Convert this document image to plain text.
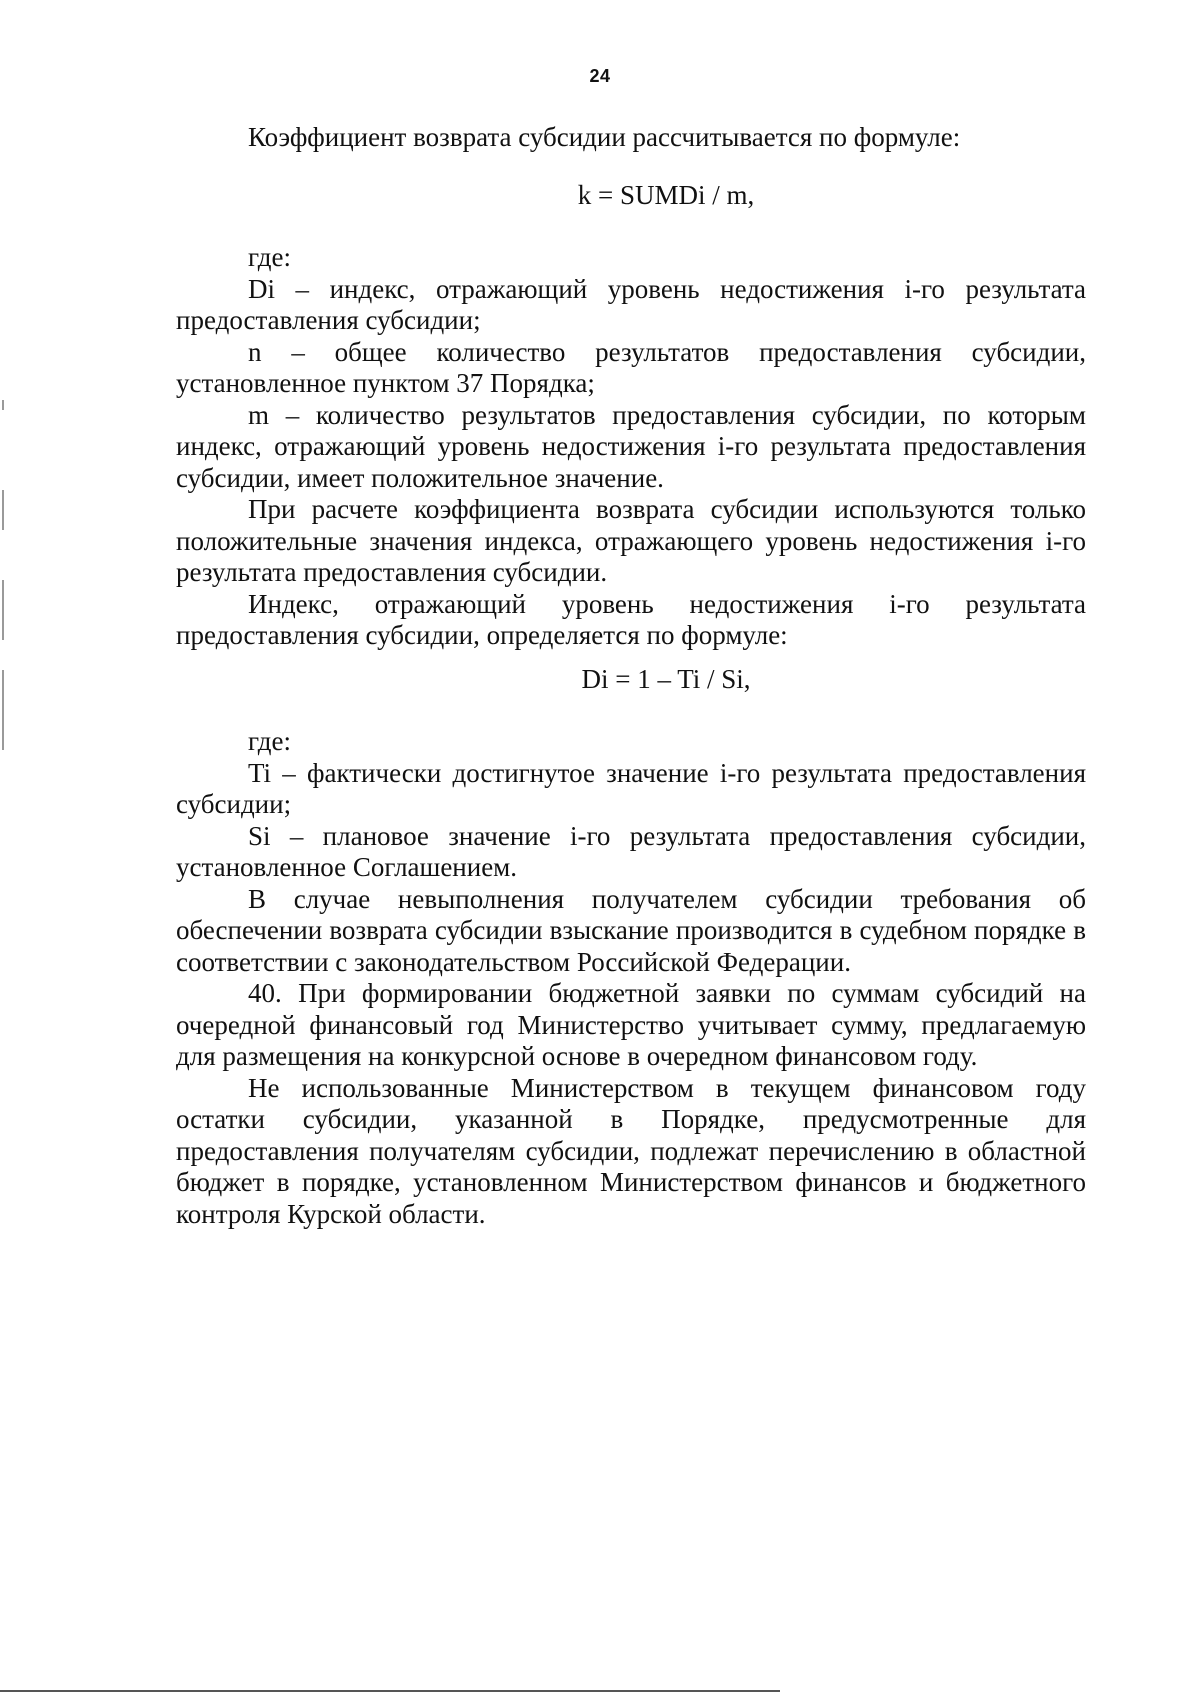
24

Коэффициент возврата субсидии рассчитывается по формуле:

k = SUMDi / m,

где:

Di – индекс, отражающий уровень недостижения i-го результата предоставления субсидии;

n – общее количество результатов предоставления субсидии, установленное пунктом 37 Порядка;

m – количество результатов предоставления субсидии, по которым индекс, отражающий уровень недостижения i-го результата предоставления субсидии, имеет положительное значение.

При расчете коэффициента возврата субсидии используются только положительные значения индекса, отражающего уровень недостижения i-го результата предоставления субсидии.

Индекс, отражающий уровень недостижения i-го результата предоставления субсидии, определяется по формуле:

Di = 1 – Ti / Si,

где:

Ti – фактически достигнутое значение i-го результата предоставления субсидии;

Si – плановое значение i-го результата предоставления субсидии, установленное Соглашением.

В случае невыполнения получателем субсидии требования об обеспечении возврата субсидии взыскание производится в судебном порядке в соответствии с законодательством Российской Федерации.

40. При формировании бюджетной заявки по суммам субсидий на очередной финансовый год Министерство учитывает сумму, предлагаемую для размещения на конкурсной основе в очередном финансовом году.

Не использованные Министерством в текущем финансовом году остатки субсидии, указанной в Порядке, предусмотренные для предоставления получателям субсидии, подлежат перечислению в областной бюджет в порядке, установленном Министерством финансов и бюджетного контроля Курской области.
